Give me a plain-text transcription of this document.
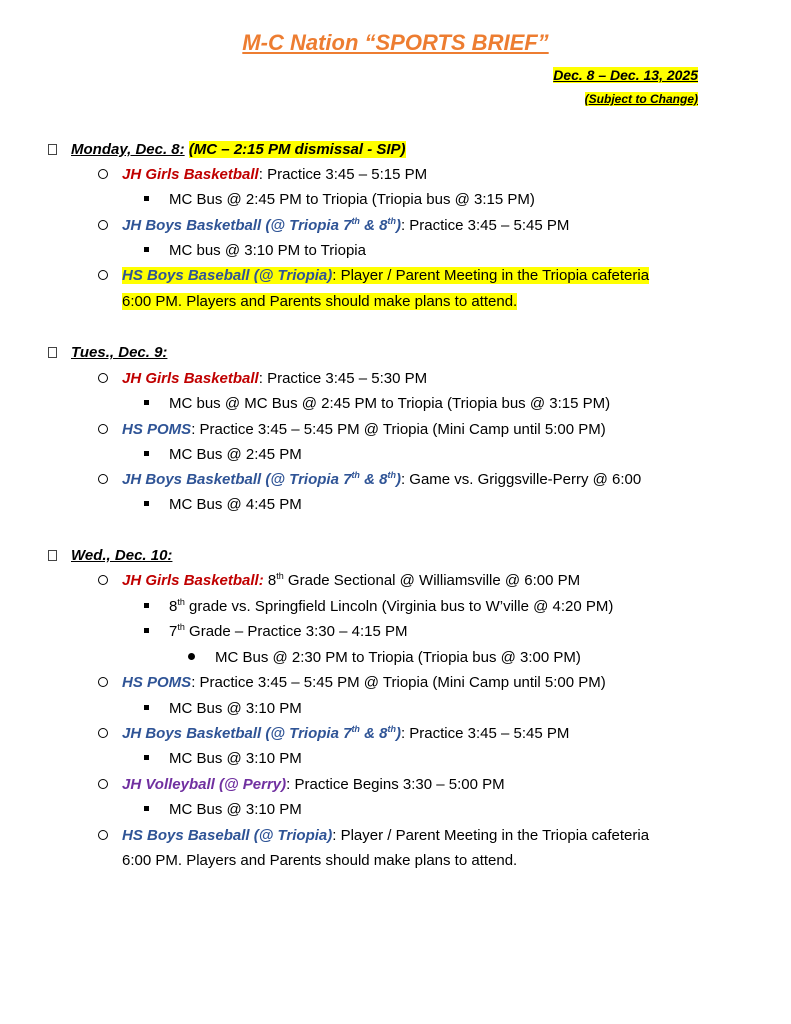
M-C Nation “SPORTS BRIEF”
Dec. 8 – Dec. 13, 2025
(Subject to Change)
Monday, Dec. 8: (MC – 2:15 PM dismissal - SIP)
JH Girls Basketball: Practice 3:45 – 5:15 PM
MC Bus @ 2:45 PM to Triopia (Triopia bus @ 3:15 PM)
JH Boys Basketball (@ Triopia 7th & 8th): Practice 3:45 – 5:45 PM
MC bus @ 3:10 PM to Triopia
HS Boys Baseball (@ Triopia): Player / Parent Meeting in the Triopia cafeteria
6:00 PM. Players and Parents should make plans to attend.
Tues., Dec. 9:
JH Girls Basketball: Practice 3:45 – 5:30 PM
MC bus @ MC Bus @ 2:45 PM to Triopia (Triopia bus @ 3:15 PM)
HS POMS: Practice 3:45 – 5:45 PM @ Triopia (Mini Camp until 5:00 PM)
MC Bus @ 2:45 PM
JH Boys Basketball (@ Triopia 7th & 8th): Game vs. Griggsville-Perry @ 6:00
MC Bus @ 4:45 PM
Wed., Dec. 10:
JH Girls Basketball: 8th Grade Sectional @ Williamsville @ 6:00 PM
8th grade vs. Springfield Lincoln (Virginia bus to W’ville @ 4:20 PM)
7th Grade – Practice 3:30 – 4:15 PM
MC Bus @ 2:30 PM to Triopia (Triopia bus @ 3:00 PM)
HS POMS: Practice 3:45 – 5:45 PM @ Triopia (Mini Camp until 5:00 PM)
MC Bus @ 3:10 PM
JH Boys Basketball (@ Triopia 7th & 8th): Practice 3:45 – 5:45 PM
MC Bus @ 3:10 PM
JH Volleyball (@ Perry): Practice Begins 3:30 – 5:00 PM
MC Bus @ 3:10 PM
HS Boys Baseball (@ Triopia): Player / Parent Meeting in the Triopia cafeteria
6:00 PM. Players and Parents should make plans to attend.
